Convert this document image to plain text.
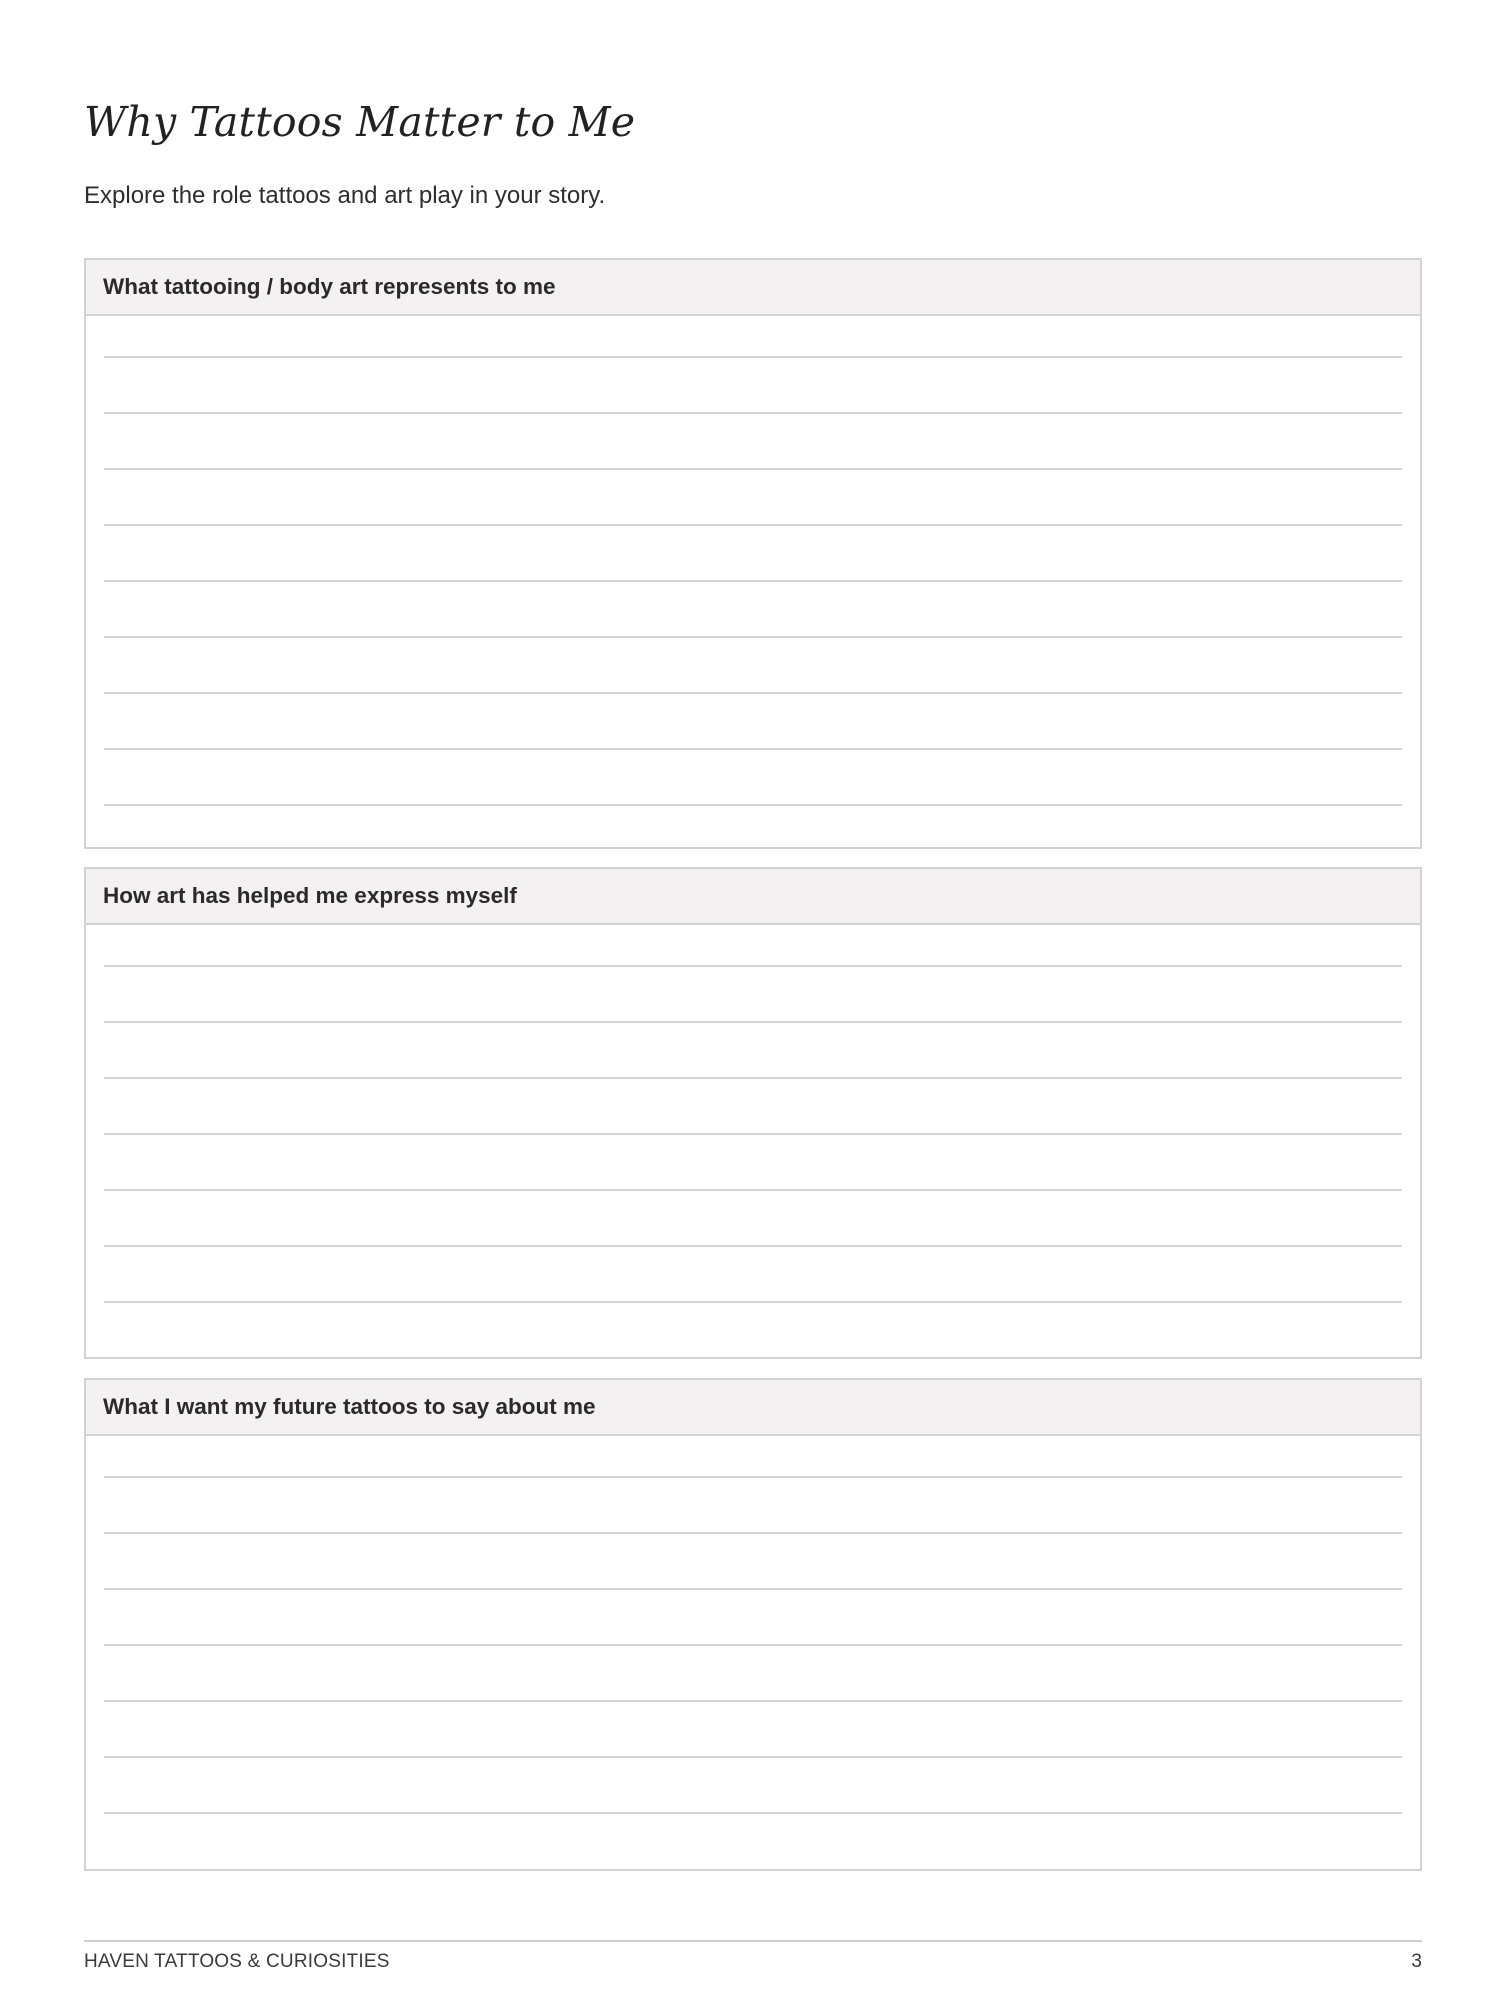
Why Tattoos Matter to Me

Explore the role tattoos and art play in your story.

What tattooing / body art represents to me
How art has helped me express myself
What I want my future tattoos to say about me
HAVEN TATTOOS & CURIOSITIES	3
